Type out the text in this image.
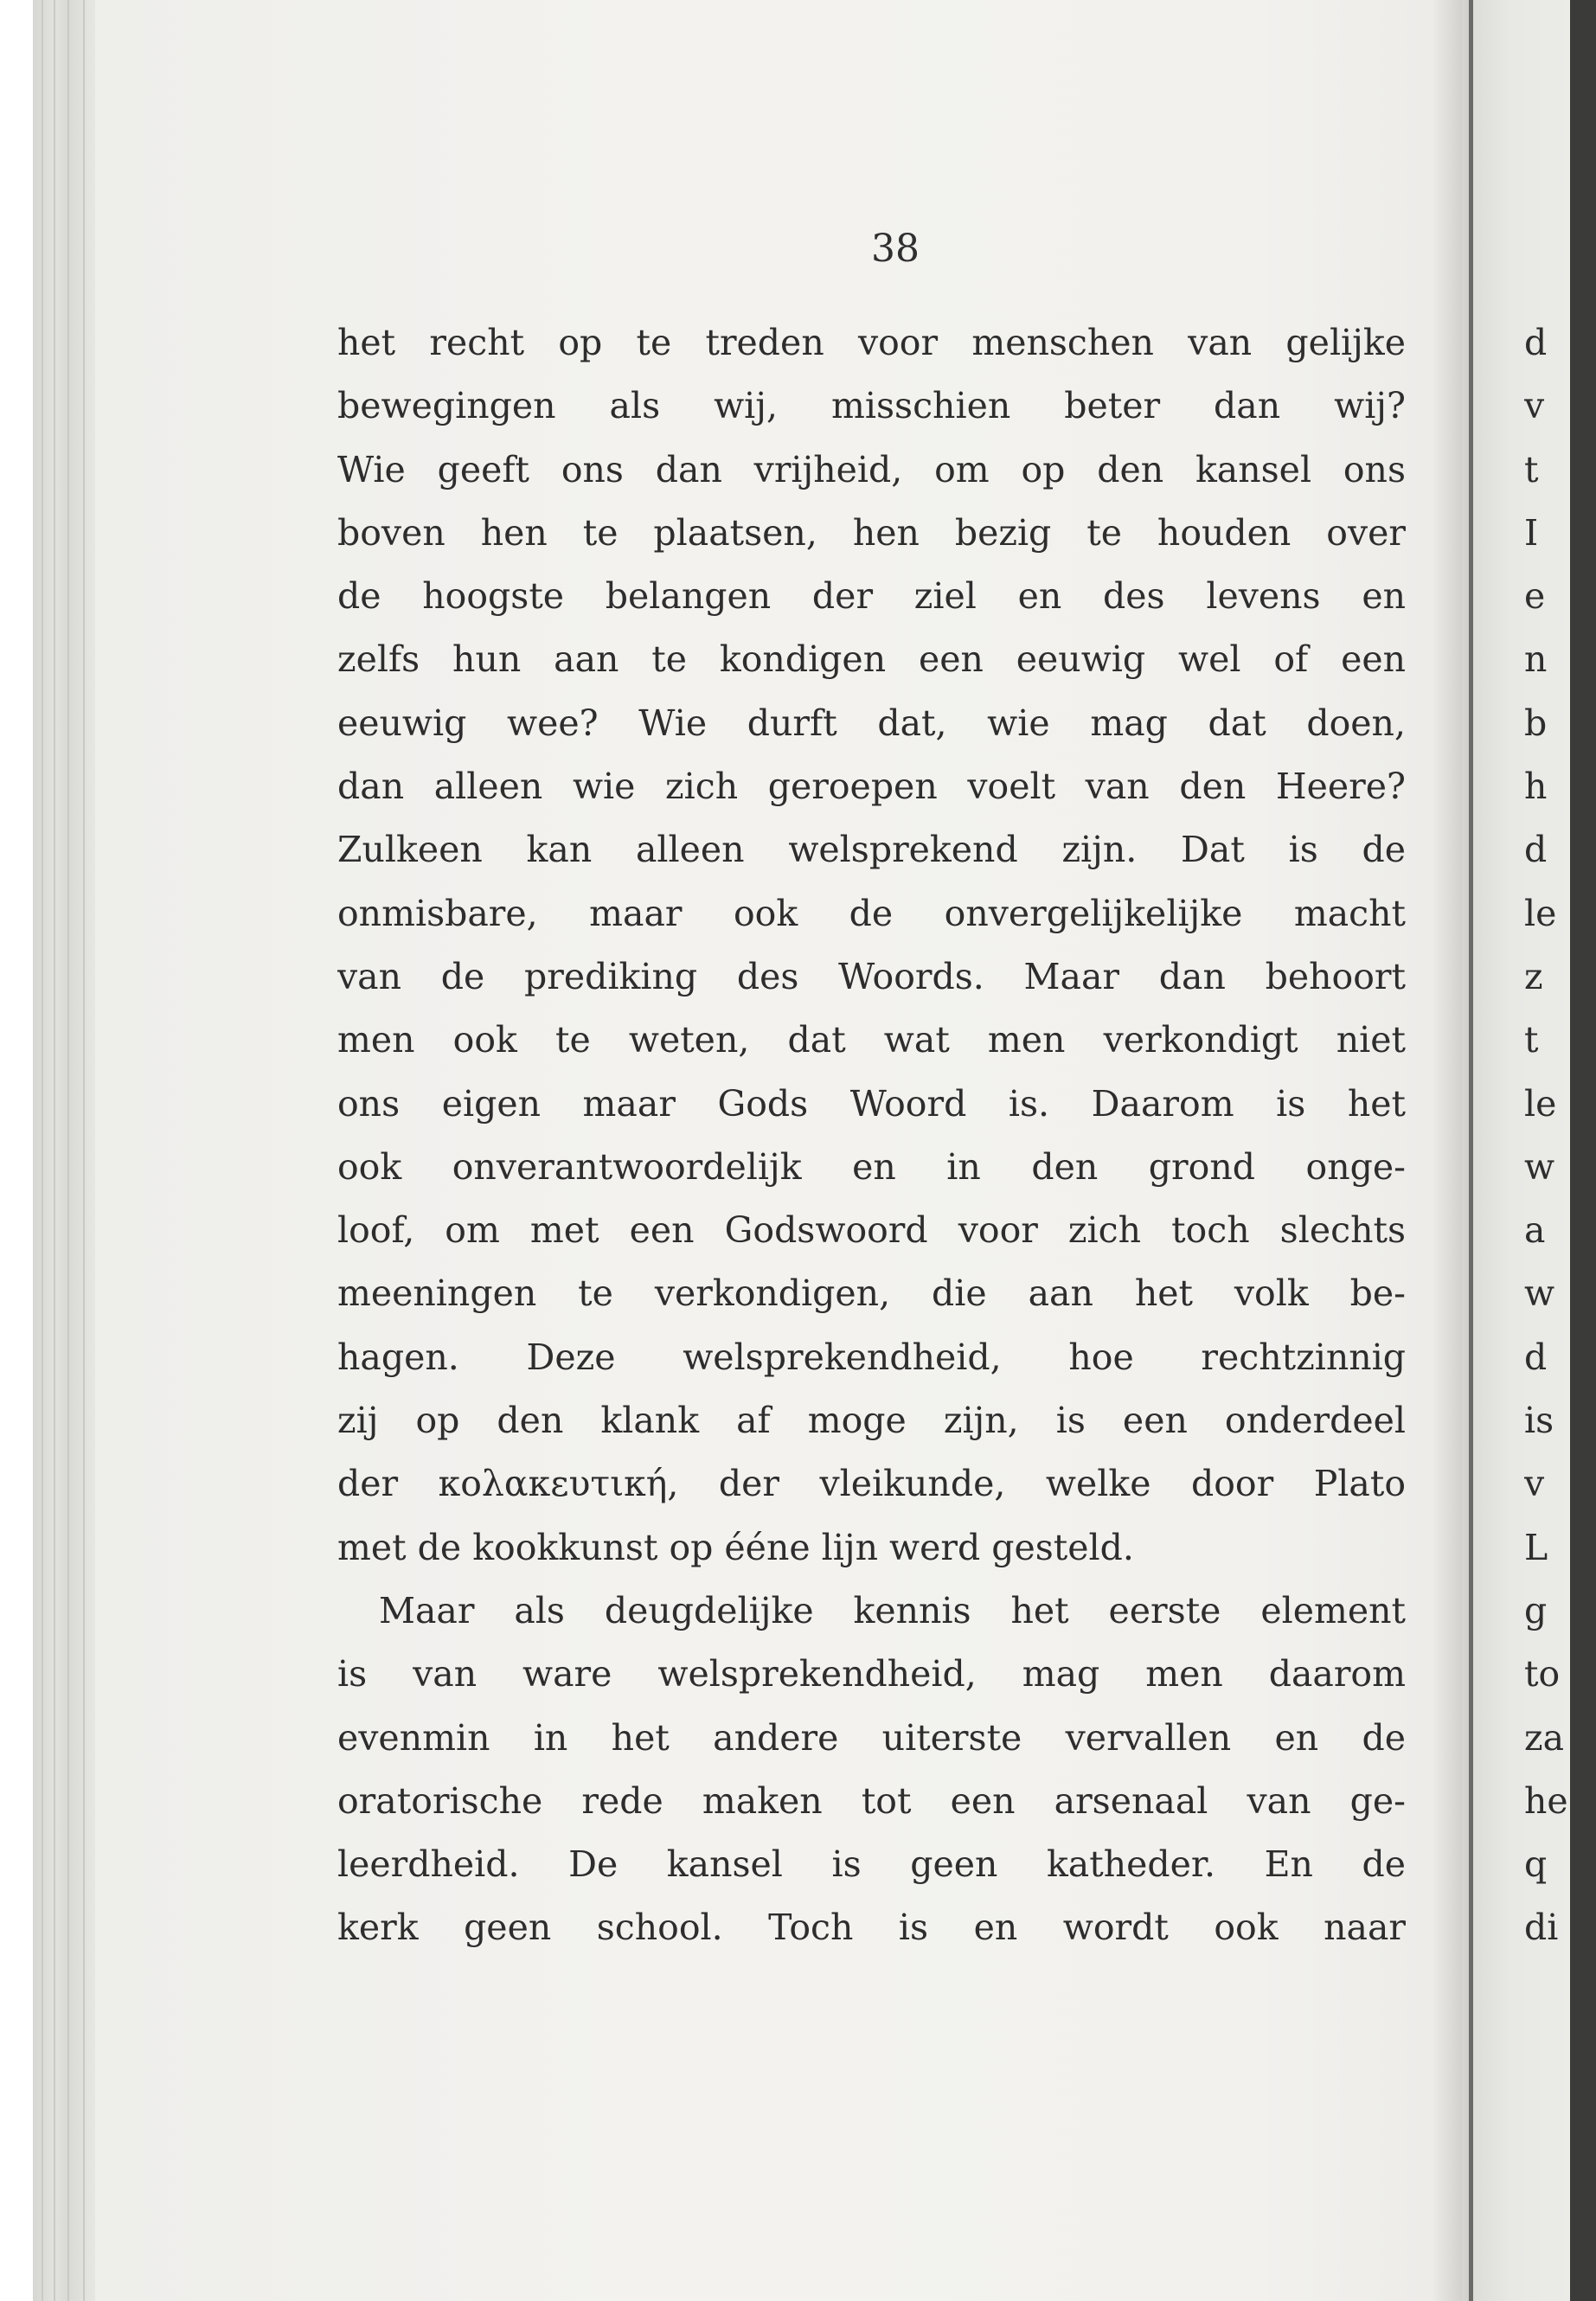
38
het recht op te treden voor menschen van gelijke
bewegingen als wij, misschien beter dan wij?
Wie geeft ons dan vrijheid, om op den kansel ons
boven hen te plaatsen, hen bezig te houden over
de hoogste belangen der ziel en des levens en
zelfs hun aan te kondigen een eeuwig wel of een
eeuwig wee? Wie durft dat, wie mag dat doen,
dan alleen wie zich geroepen voelt van den Heere?
Zulkeen kan alleen welsprekend zijn. Dat is de
onmisbare, maar ook de onvergelijkelijke macht
van de prediking des Woords. Maar dan behoort
men ook te weten, dat wat men verkondigt niet
ons eigen maar Gods Woord is. Daarom is het
ook onverantwoordelijk en in den grond onge-
loof, om met een Godswoord voor zich toch slechts
meeningen te verkondigen, die aan het volk be-
hagen. Deze welsprekendheid, hoe rechtzinnig
zij op den klank af moge zijn, is een onderdeel
der κολακευτική, der vleikunde, welke door Plato
met de kookkunst op ééne lijn werd gesteld.
Maar als deugdelijke kennis het eerste element
is van ware welsprekendheid, mag men daarom
evenmin in het andere uiterste vervallen en de
oratorische rede maken tot een arsenaal van ge-
leerdheid. De kansel is geen katheder. En de
kerk geen school. Toch is en wordt ook naar
d
v
t
I
e
n
b
h
d
le
z
t
le
w
a
w
d
is
v
L
g
to
za
he
q
di
